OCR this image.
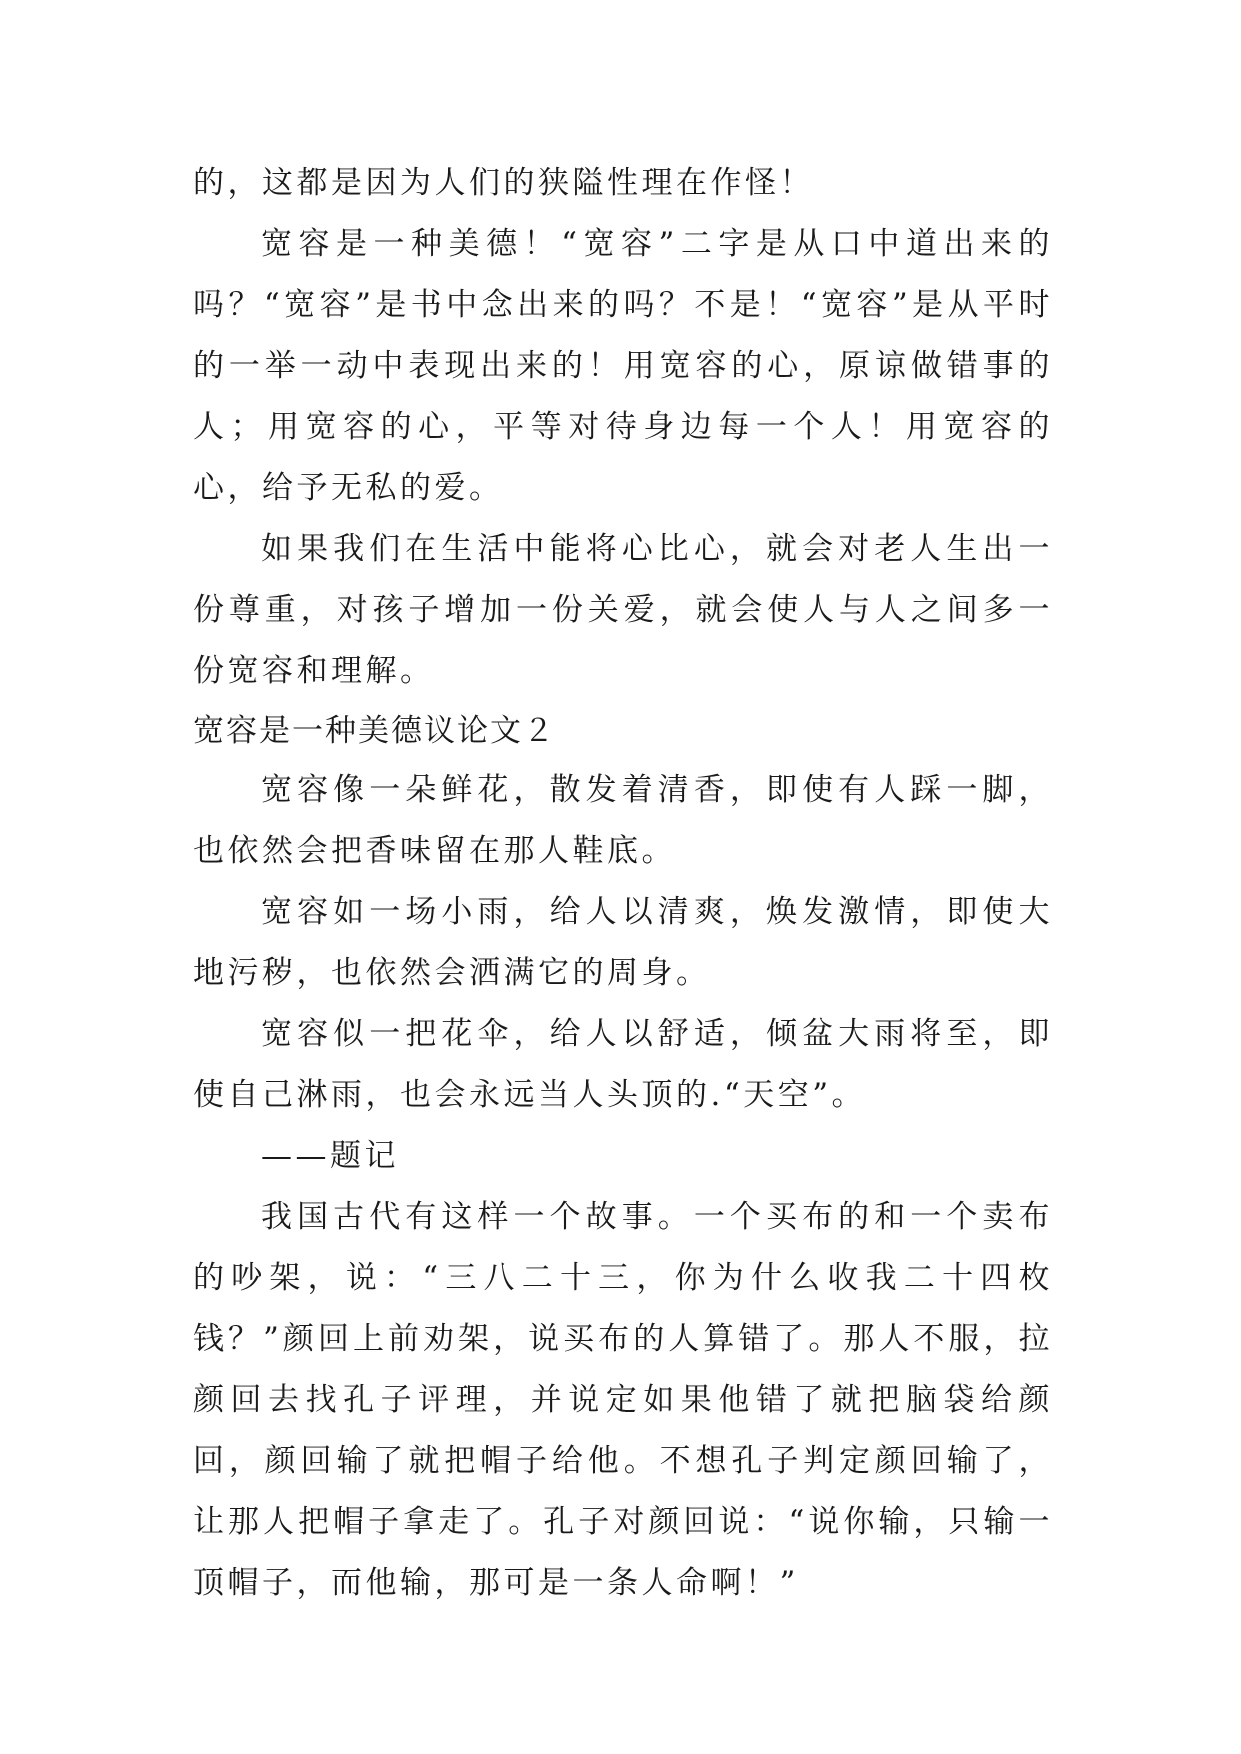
的，这都是因为人们的狭隘性理在作怪！

宽容是一种美德！“宽容”二字是从口中道出来的吗？“宽容”是书中念出来的吗？不是！“宽容”是从平时的一举一动中表现出来的！用宽容的心，原谅做错事的人；用宽容的心，平等对待身边每一个人！用宽容的心，给予无私的爱。

如果我们在生活中能将心比心，就会对老人生出一份尊重，对孩子增加一份关爱，就会使人与人之间多一份宽容和理解。

宽容是一种美德议论文２

宽容像一朵鲜花，散发着清香，即使有人踩一脚，也依然会把香味留在那人鞋底。

宽容如一场小雨，给人以清爽，焕发激情，即使大地污秽，也依然会洒满它的周身。

宽容似一把花伞，给人以舒适，倾盆大雨将至，即使自己淋雨，也会永远当人头顶的.“天空”。

——题记

我国古代有这样一个故事。一个买布的和一个卖布的吵架，说：“三八二十三，你为什么收我二十四枚钱？”颜回上前劝架，说买布的人算错了。那人不服，拉颜回去找孔子评理，并说定如果他错了就把脑袋给颜回，颜回输了就把帽子给他。不想孔子判定颜回输了，让那人把帽子拿走了。孔子对颜回说：“说你输，只输一顶帽子，而他输，那可是一条人命啊！”
